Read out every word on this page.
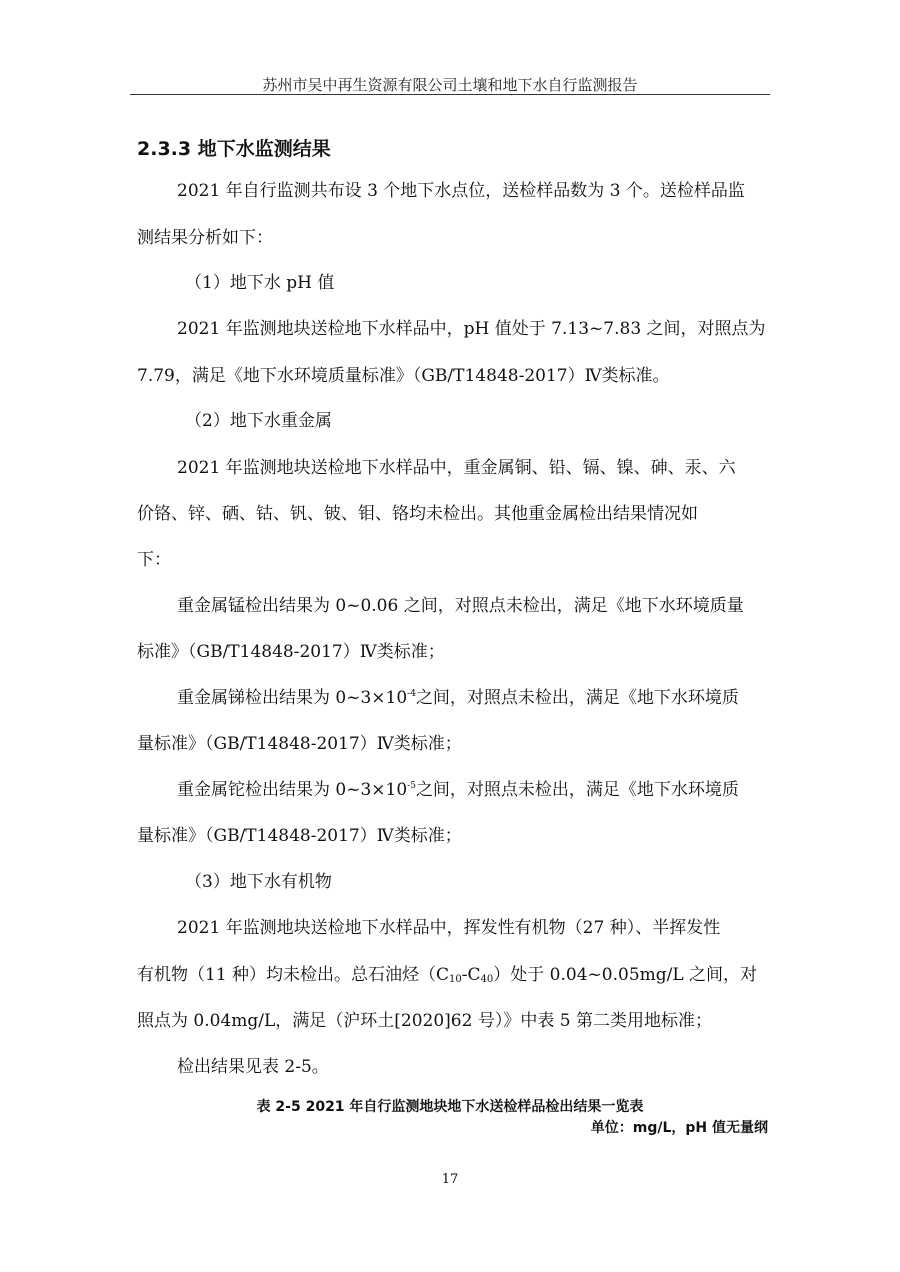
苏州市吴中再生资源有限公司土壤和地下水自行监测报告
2.3.3 地下水监测结果
2021 年自行监测共布设 3 个地下水点位，送检样品数为 3 个。送检样品监
测结果分析如下：
（1）地下水 pH 值
2021 年监测地块送检地下水样品中，pH 值处于 7.13~7.83 之间，对照点为
7.79，满足《地下水环境质量标准》（GB/T14848-2017）Ⅳ类标准。
（2）地下水重金属
2021 年监测地块送检地下水样品中，重金属铜、铅、镉、镍、砷、汞、六
价铬、锌、硒、钴、钒、铍、钼、铬均未检出。其他重金属检出结果情况如
下：
重金属锰检出结果为 0~0.06 之间，对照点未检出，满足《地下水环境质量
标准》（GB/T14848-2017）Ⅳ类标准；
重金属锑检出结果为 $0\sim 3\times 10^{-4}$之间，对照点未检出，满足《地下水环境质
量标准》（GB/T14848-2017）Ⅳ类标准；
重金属铊检出结果为 $0\sim 3\times 10^{-5}$之间，对照点未检出，满足《地下水环境质
量标准》（GB/T14848-2017）Ⅳ类标准；
（3）地下水有机物
2021 年监测地块送检地下水样品中，挥发性有机物（27 种）、半挥发性
有机物（11 种）均未检出。总石油烃$(C_{10}-C_{40})$处于 0.04~0.05mg/L 之间，对
照点为 0.04mg/L，满足（沪环土[2020]62 号）》中表 5 第二类用地标准；
检出结果见表 2-5。
表 2-5 2021 年自行监测地块地下水送检样品检出结果一览表
单位：mg/L，pH 值无量纲
17
